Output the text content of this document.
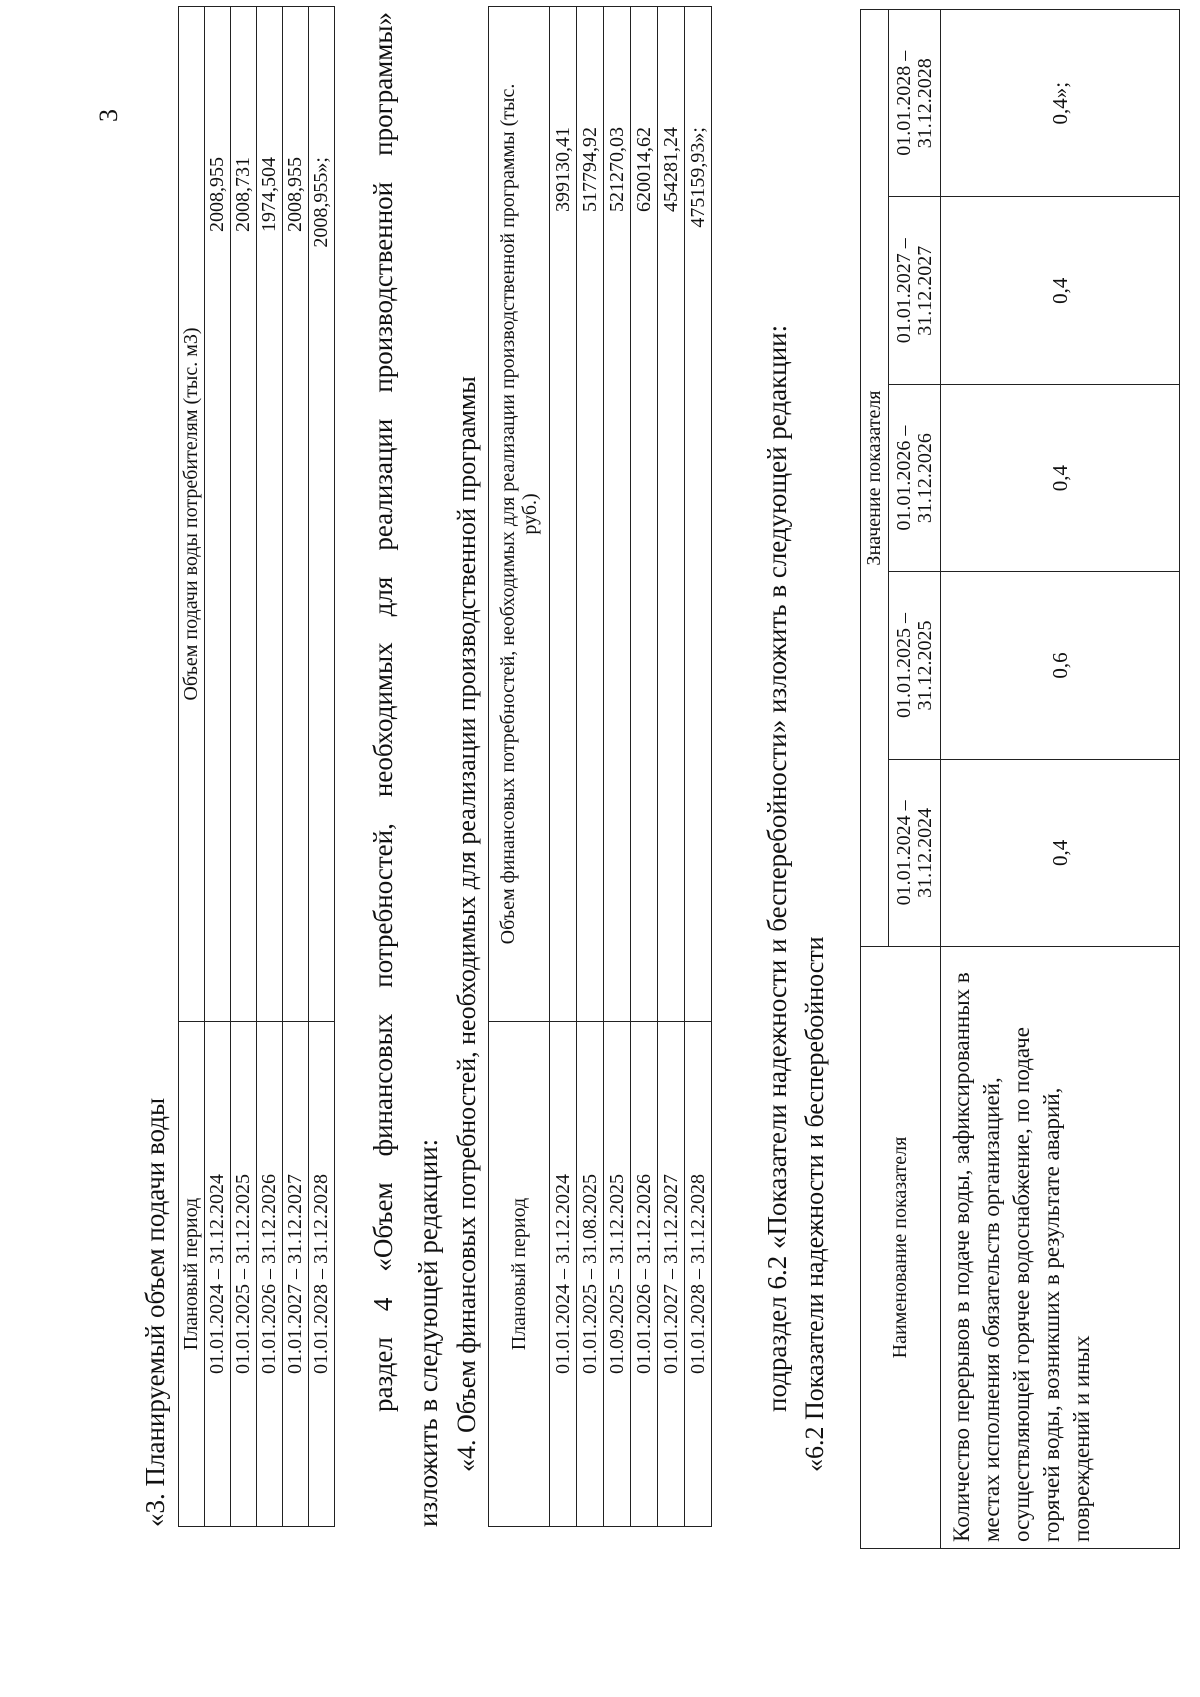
3
«3. Планируемый объем подачи воды Плановый период	Объем подачи воды потребителям (тыс. м3)
01.01.2024 – 31.12.2024	2008,955
01.01.2025 – 31.12.2025	2008,731
01.01.2026 – 31.12.2026	1974,504
01.01.2027 – 31.12.2027	2008,955
01.01.2028 – 31.12.2028	2008,955»; раздел 4 «Объем финансовых потребностей, необходимых для реализации производственной программы» изложить в следующей редакции: «4. Объем финансовых потребностей, необходимых для реализации производственной программы Плановый период	Объем финансовых потребностей, необходимых для реализации производственной программы (тыс. руб.)
01.01.2024 – 31.12.2024	399130,41
01.01.2025 – 31.08.2025	517794,92
01.09.2025 – 31.12.2025	521270,03
01.01.2026 – 31.12.2026	620014,62
01.01.2027 – 31.12.2027	454281,24
01.01.2028 – 31.12.2028	475159,93»;
подраздел 6.2 «Показатели надежности и бесперебойности» изложить в следующей редакции: «6.2 Показатели надежности и бесперебойности	Наименование показателя	Значение показателя				
	01.01.2024 – 31.12.2024	01.01.2025 – 31.12.2025	01.01.2026 – 31.12.2026	01.01.2027 – 31.12.2027	01.01.2028 – 31.12.2028
Количество перерывов в подаче воды, зафиксированных в местах исполнения обязательств организацией, осуществляющей горячее водоснабжение, по подаче горячей воды, возникших в результате аварий, повреждений и иных	0,4	0,6	0,4	0,4	0,4»;
